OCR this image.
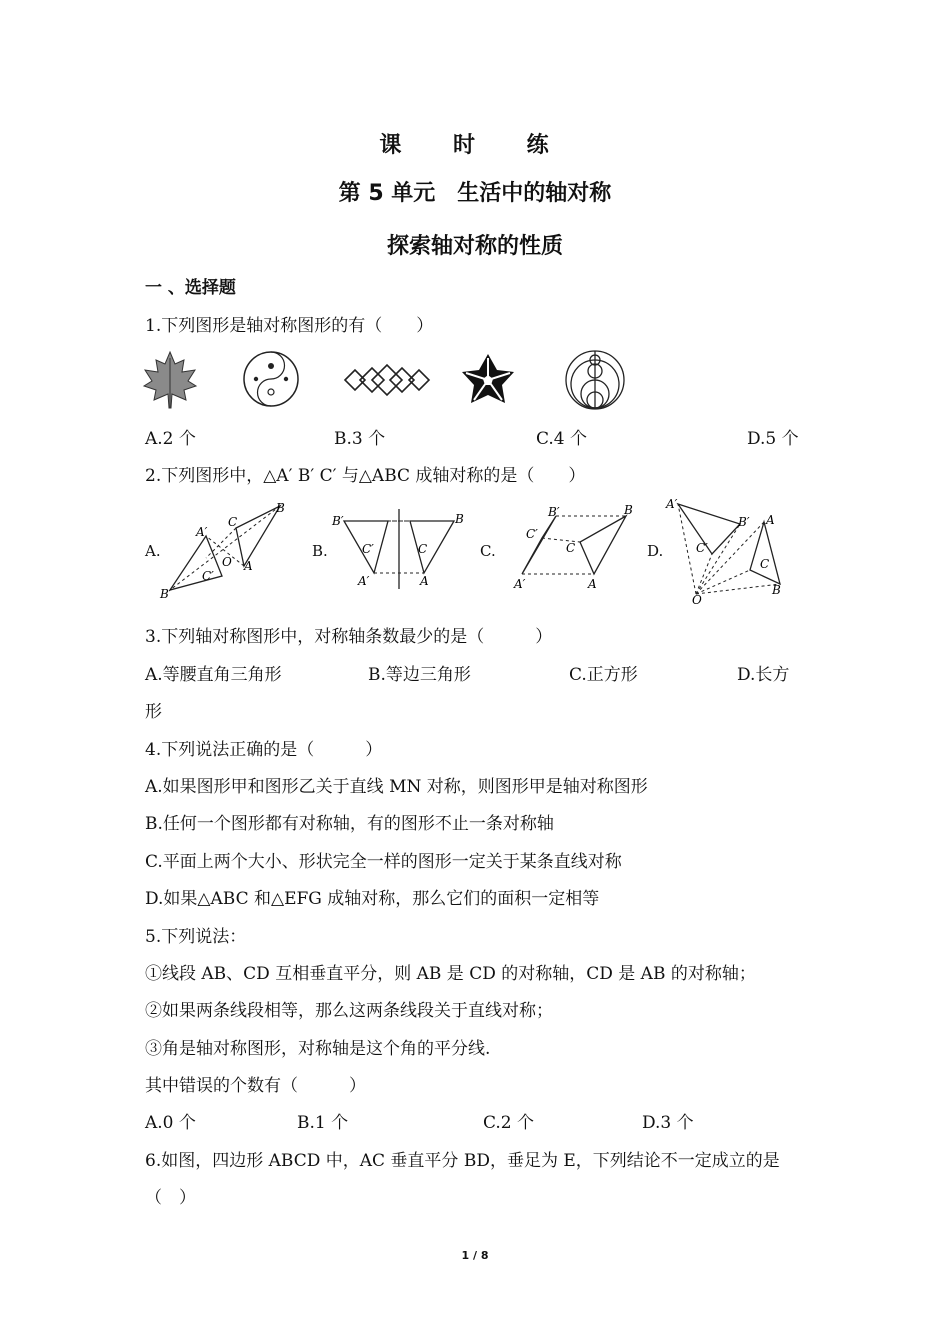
课 时 练
第 5 单元　生活中的轴对称
探索轴对称的性质
一 、选择题
1.下列图形是轴对称图形的有（　　）
A.2 个	B.3 个	C.4 个	D.5 个
2.下列图形中，△A′ B′ C′ 与△ABC 成轴对称的是（　　）
A.
B
C
A
A′
C′
B′
O
B.
B′	B
C′	C
A′	A
C.
B′	B
C′
C
A′	A
D.
A′
B′ A
C′
C
B
O
3.下列轴对称图形中，对称轴条数最少的是（　　　）
A.等腰直角三角形	B.等边三角形	C.正方形	D.长方
形
4.下列说法正确的是（　　　）
A.如果图形甲和图形乙关于直线 MN 对称，则图形甲是轴对称图形
B.任何一个图形都有对称轴，有的图形不止一条对称轴
C.平面上两个大小、形状完全一样的图形一定关于某条直线对称
D.如果△ABC 和△EFG 成轴对称，那么它们的面积一定相等
5.下列说法：
①线段 AB、CD 互相垂直平分，则 AB 是 CD 的对称轴，CD 是 AB 的对称轴；
②如果两条线段相等，那么这两条线段关于直线对称；
③角是轴对称图形，对称轴是这个角的平分线.
其中错误的个数有（　　　）
A.0 个	B.1 个	C.2 个	D.3 个
6.如图，四边形 ABCD 中，AC 垂直平分 BD，垂足为 E，下列结论不一定成立的是
（　）
1 / 8
